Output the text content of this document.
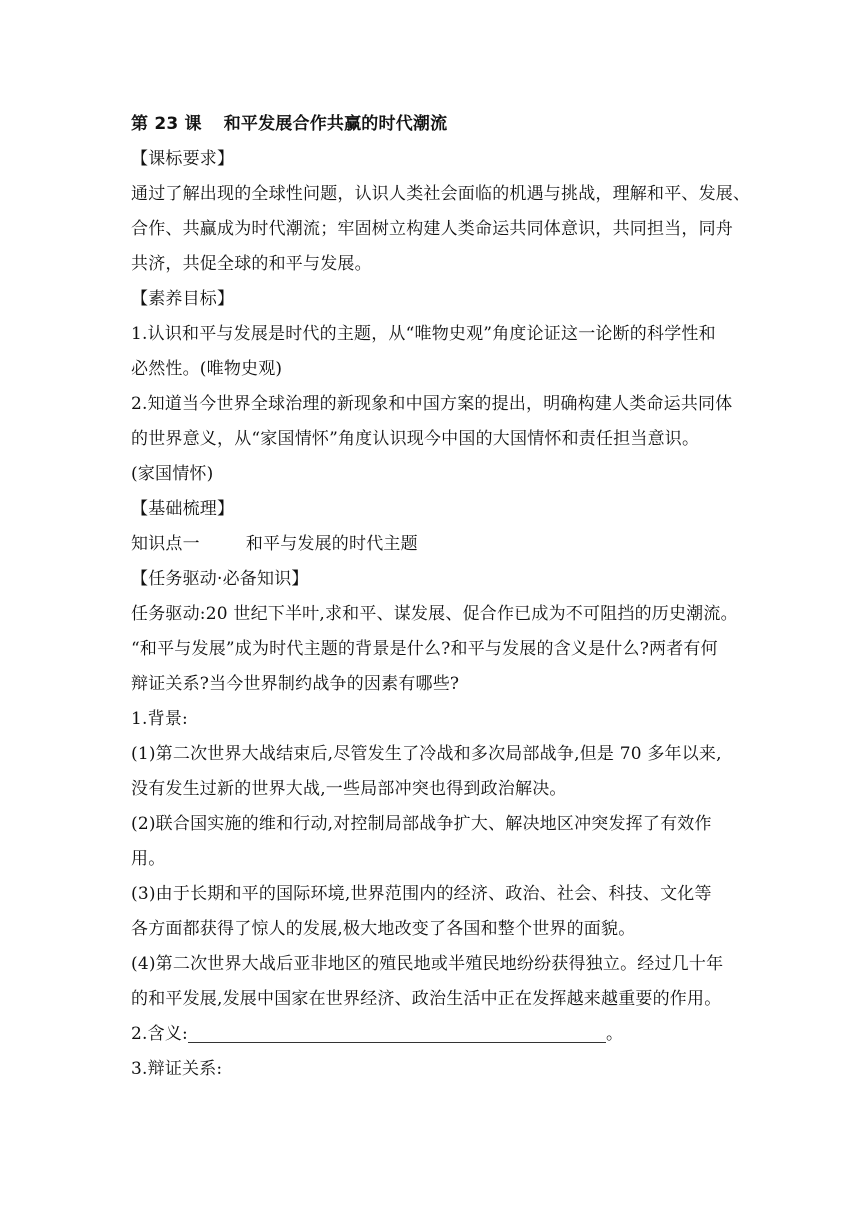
第 23 课 和平发展合作共赢的时代潮流
【课标要求】
通过了解出现的全球性问题，认识人类社会面临的机遇与挑战，理解和平、发展、
合作、共赢成为时代潮流；牢固树立构建人类命运共同体意识，共同担当，同舟
共济，共促全球的和平与发展。
【素养目标】
1.认识和平与发展是时代的主题，从“唯物史观”角度论证这一论断的科学性和
必然性。(唯物史观)
2.知道当今世界全球治理的新现象和中国方案的提出，明确构建人类命运共同体
的世界意义，从“家国情怀”角度认识现今中国的大国情怀和责任担当意识。
(家国情怀)
【基础梳理】
知识点一	和平与发展的时代主题
【任务驱动·必备知识】
任务驱动:20 世纪下半叶,求和平、谋发展、促合作已成为不可阻挡的历史潮流。
“和平与发展”成为时代主题的背景是什么?和平与发展的含义是什么?两者有何
辩证关系?当今世界制约战争的因素有哪些?
1.背景:
(1)第二次世界大战结束后,尽管发生了冷战和多次局部战争,但是 70 多年以来,
没有发生过新的世界大战,一些局部冲突也得到政治解决。
(2)联合国实施的维和行动,对控制局部战争扩大、解决地区冲突发挥了有效作
用。
(3)由于长期和平的国际环境,世界范围内的经济、政治、社会、科技、文化等
各方面都获得了惊人的发展,极大地改变了各国和整个世界的面貌。
(4)第二次世界大战后亚非地区的殖民地或半殖民地纷纷获得独立。经过几十年
的和平发展,发展中国家在世界经济、政治生活中正在发挥越来越重要的作用。
2.含义:	。
3.辩证关系:
